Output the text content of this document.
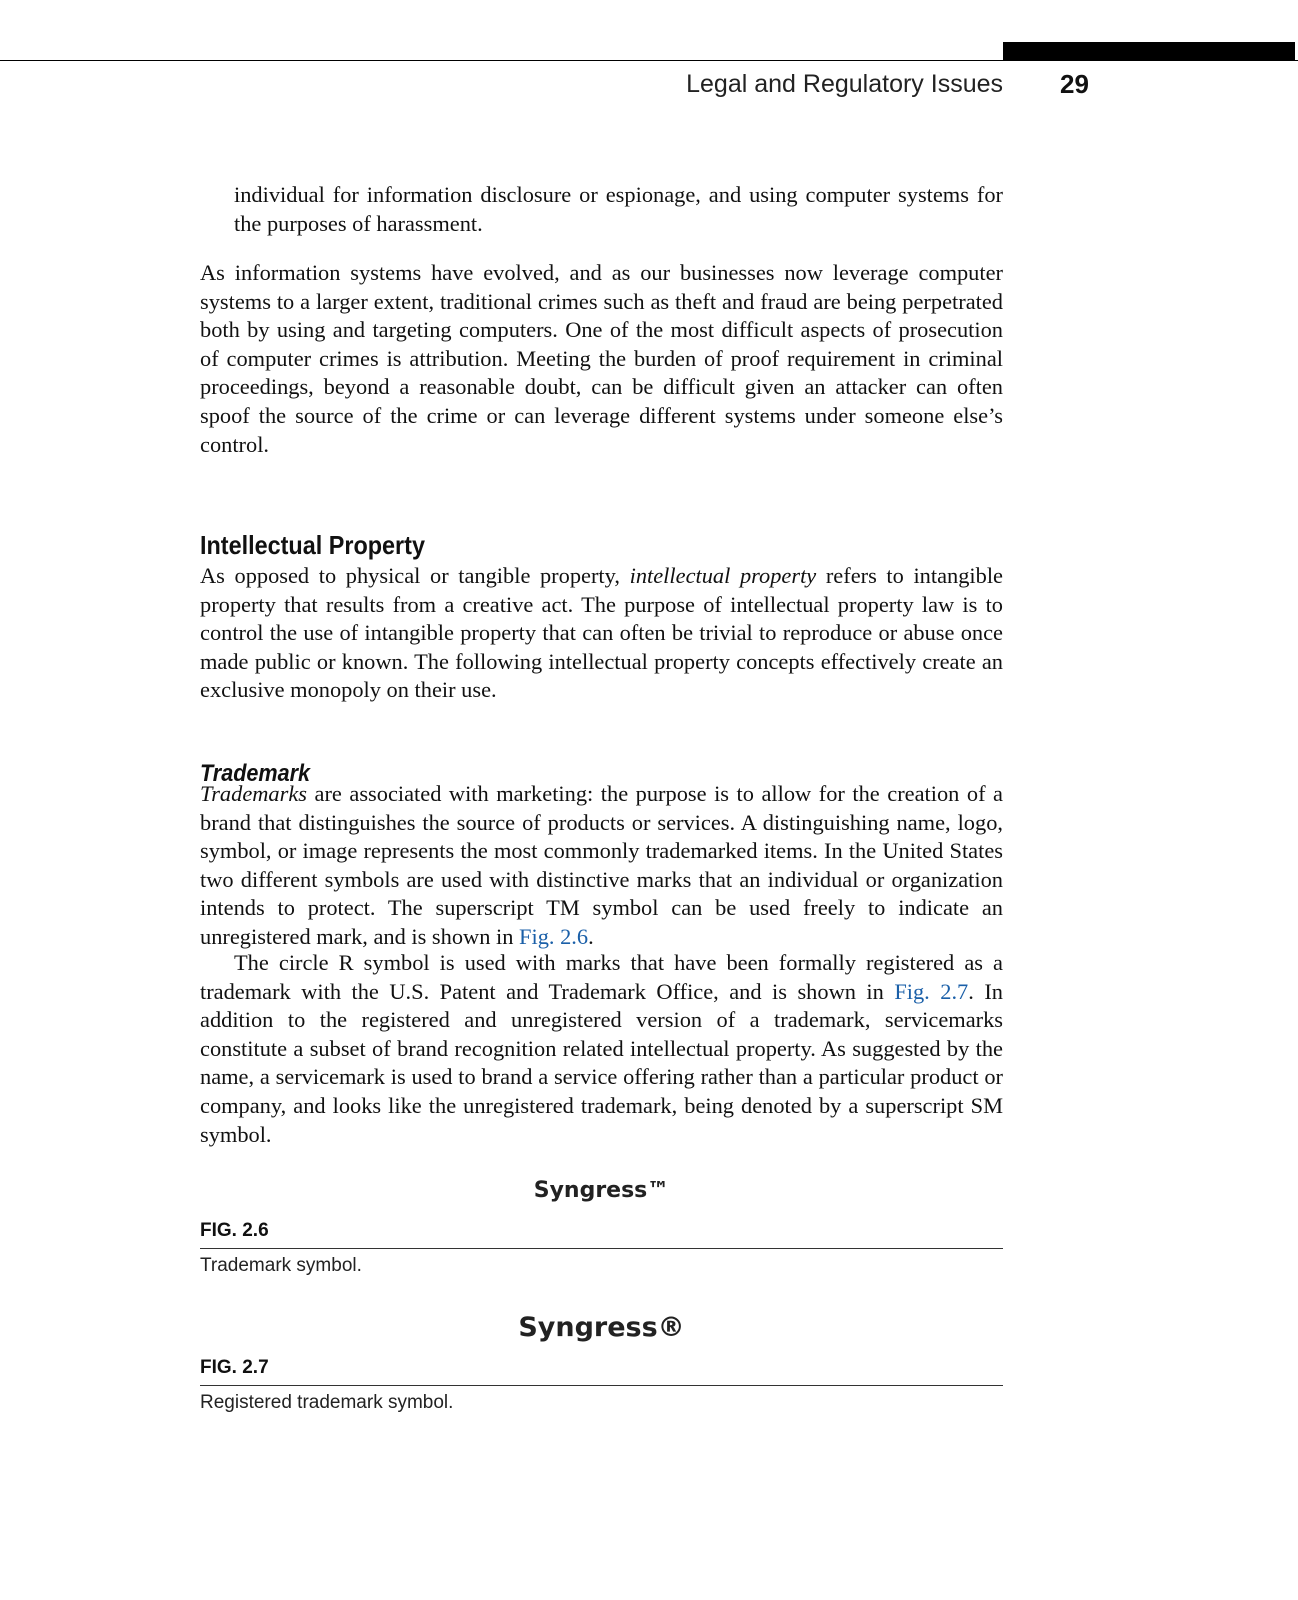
Legal and Regulatory Issues 29

individual for information disclosure or espionage, and using computer systems for the purposes of harassment.

As information systems have evolved, and as our businesses now leverage computer systems to a larger extent, traditional crimes such as theft and fraud are being perpetrated both by using and targeting computers. One of the most difficult aspects of prosecution of computer crimes is attribution. Meeting the burden of proof requirement in criminal proceedings, beyond a reasonable doubt, can be difficult given an attacker can often spoof the source of the crime or can leverage different systems under someone else’s control.

Intellectual Property

As opposed to physical or tangible property, intellectual property refers to intangible property that results from a creative act. The purpose of intellectual property law is to control the use of intangible property that can often be trivial to reproduce or abuse once made public or known. The following intellectual property concepts effectively create an exclusive monopoly on their use.

Trademark

Trademarks are associated with marketing: the purpose is to allow for the creation of a brand that distinguishes the source of products or services. A distinguishing name, logo, symbol, or image represents the most commonly trademarked items. In the United States two different symbols are used with distinctive marks that an individual or organization intends to protect. The superscript TM symbol can be used freely to indicate an unregistered mark, and is shown in Fig. 2.6.

The circle R symbol is used with marks that have been formally registered as a trademark with the U.S. Patent and Trademark Office, and is shown in Fig. 2.7. In addition to the registered and unregistered version of a trademark, servicemarks constitute a subset of brand recognition related intellectual property. As suggested by the name, a servicemark is used to brand a service offering rather than a particular product or company, and looks like the unregistered trademark, being denoted by a superscript SM symbol.

Syngress™

FIG. 2.6

Trademark symbol.

Syngress®

FIG. 2.7

Registered trademark symbol.
